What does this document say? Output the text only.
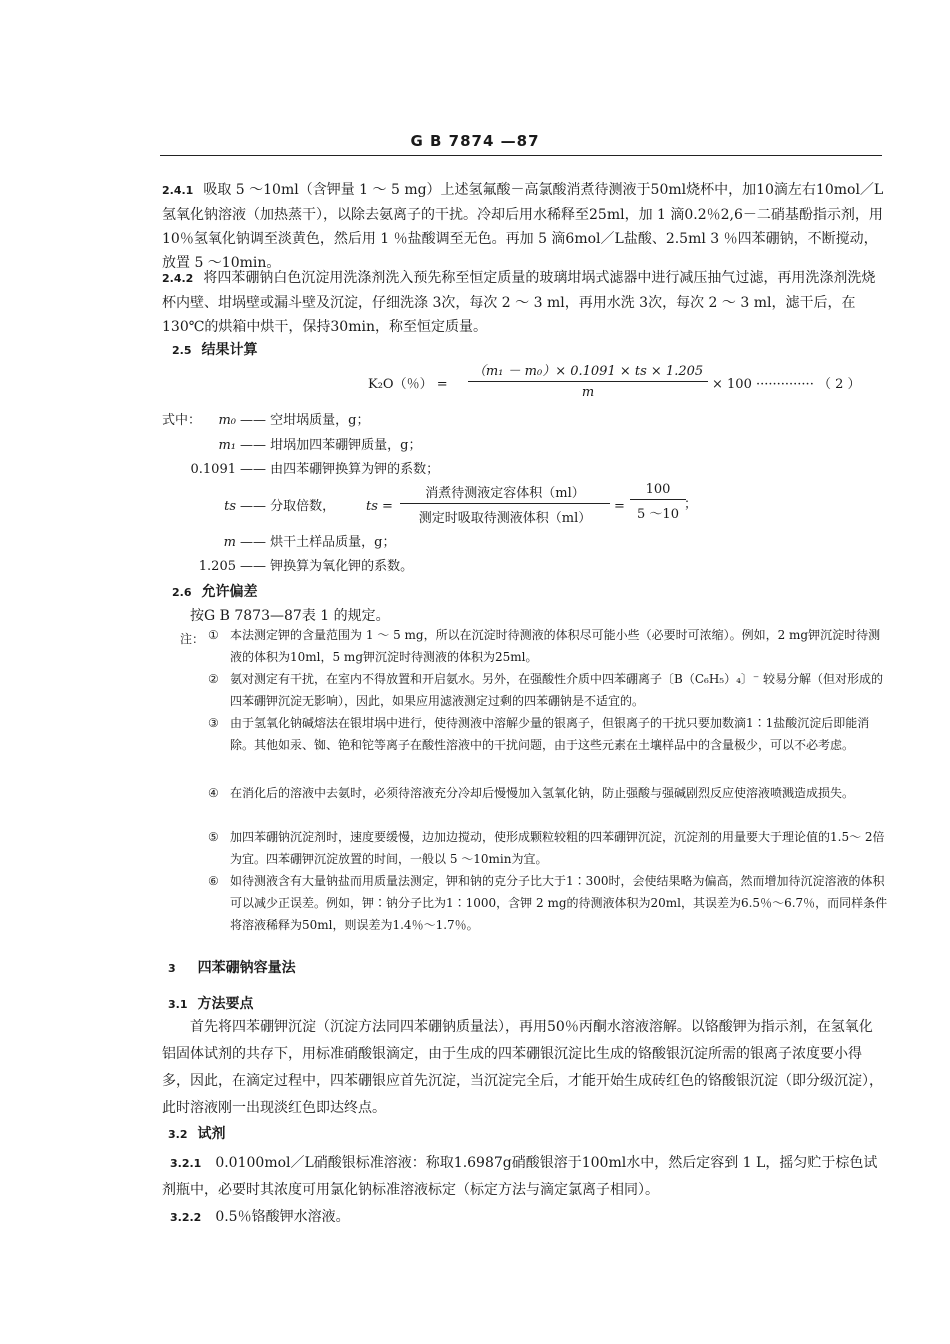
G B 7874 —87
2.4.1 吸取 5 ～10ml（含钾量 1 ～ 5 mg）上述氢氟酸－高氯酸消煮待测液于50ml烧杯中，加10滴左右10mol／L氢氧化钠溶液（加热蒸干），以除去氨离子的干扰。冷却后用水稀释至25ml，加 1 滴0.2％2,6－二硝基酚指示剂，用10％氢氧化钠调至淡黄色，然后用 1 ％盐酸调至无色。再加 5 滴6mol／L盐酸、2.5ml 3 ％四苯硼钠，不断搅动，放置 5 ～10min。
2.4.2 将四苯硼钠白色沉淀用洗涤剂洗入预先称至恒定质量的玻璃坩埚式滤器中进行减压抽气过滤，再用洗涤剂洗烧杯内壁、坩埚壁或漏斗壁及沉淀，仔细洗涤 3次，每次 2 ～ 3 ml，再用水洗 3次，每次 2 ～ 3 ml，滤干后，在130℃的烘箱中烘干，保持30min，称至恒定质量。
2.5 结果计算
K₂O（％） = $\frac{\text{（m₁ － m₀）× 0.1091 × ts × 1.205}}{m} \times 100$ ·············· （ 2 ）
式中：	m₀ —— 空坩埚质量，g；
m₁ —— 坩埚加四苯硼钾质量，g；
0.1091 —— 由四苯硼钾换算为钾的系数；
ts —— 分取倍数， ts =
消煮待测液定容体积（ml）
测定时吸取待测液体积（ml）
= $\frac{100}{5 \sim 10}$
；
m —— 烘干土样品质量，g；
1.205 —— 钾换算为氧化钾的系数。
2.6 允许偏差
按G B 7873—87表 1 的规定。
注： ① 本法测定钾的含量范围为 1 ～ 5 mg，所以在沉淀时待测液的体积尽可能小些（必要时可浓缩）。例如，2 mg钾沉淀时待测液的体积为10ml，5 mg钾沉淀时待测液的体积为25ml。
② 氨对测定有干扰，在室内不得放置和开启氨水。另外，在强酸性介质中四苯硼离子〔B（C₆H₅）₄〕⁻ 较易分解（但对形成的四苯硼钾沉淀无影响），因此，如果应用滤液测定过剩的四苯硼钠是不适宜的。
③ 由于氢氧化钠碱熔法在银坩埚中进行，使待测液中溶解少量的银离子，但银离子的干扰只要加数滴1∶1盐酸沉淀后即能消除。其他如汞、铷、铯和铊等离子在酸性溶液中的干扰问题，由于这些元素在土壤样品中的含量极少，可以不必考虑。
④ 在消化后的溶液中去氨时，必须待溶液充分冷却后慢慢加入氢氧化钠，防止强酸与强碱剧烈反应使溶液喷溅造成损失。
⑤ 加四苯硼钠沉淀剂时，速度要缓慢，边加边搅动，使形成颗粒较粗的四苯硼钾沉淀，沉淀剂的用量要大于理论值的1.5～ 2倍为宜。四苯硼钾沉淀放置的时间，一般以 5 ～10min为宜。
⑥ 如待测液含有大量钠盐而用质量法测定，钾和钠的克分子比大于1∶300时，会使结果略为偏高，然而增加待沉淀溶液的体积可以减少正误差。例如，钾∶钠分子比为1∶1000，含钾 2 mg的待测液体积为20ml，其误差为6.5％～6.7％，而同样条件将溶液稀释为50ml，则误差为1.4％～1.7％。
3 四苯硼钠容量法
3.1 方法要点
首先将四苯硼钾沉淀（沉淀方法同四苯硼钠质量法），再用50％丙酮水溶液溶解。以铬酸钾为指示剂，在氢氧化铝固体试剂的共存下，用标准硝酸银滴定，由于生成的四苯硼银沉淀比生成的铬酸银沉淀所需的银离子浓度要小得多，因此，在滴定过程中，四苯硼银应首先沉淀，当沉淀完全后，才能开始生成砖红色的铬酸银沉淀（即分级沉淀），此时溶液刚一出现淡红色即达终点。
3.2 试剂
3.2.1 0.0100mol／L硝酸银标准溶液：称取1.6987g硝酸银溶于100ml水中，然后定容到 1 L，摇匀贮于棕色试剂瓶中，必要时其浓度可用氯化钠标准溶液标定（标定方法与滴定氯离子相同）。
3.2.2 0.5％铬酸钾水溶液。
